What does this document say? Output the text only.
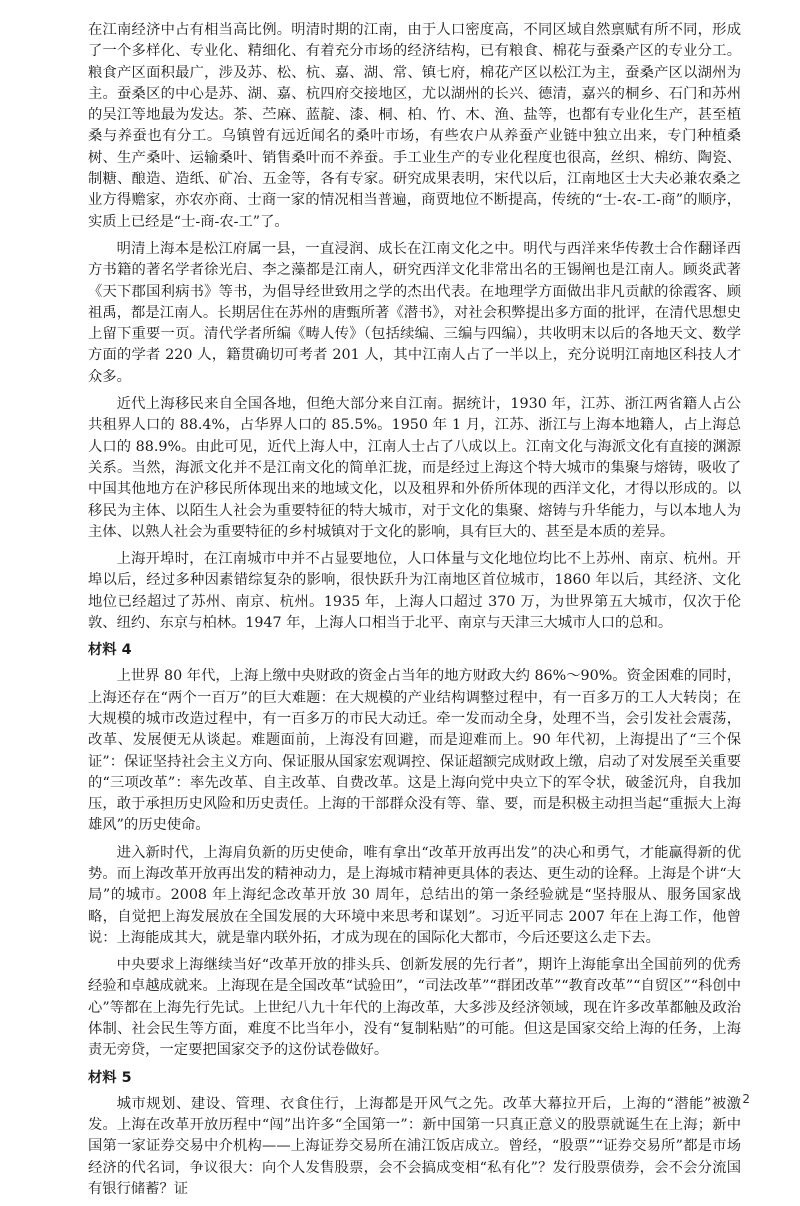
在江南经济中占有相当高比例。明清时期的江南，由于人口密度高，不同区域自然禀赋有所不同，形成了一个多样化、专业化、精细化、有着充分市场的经济结构，已有粮食、棉花与蚕桑产区的专业分工。粮食产区面积最广，涉及苏、松、杭、嘉、湖、常、镇七府，棉花产区以松江为主，蚕桑产区以湖州为主。蚕桑区的中心是苏、湖、嘉、杭四府交接地区，尤以湖州的长兴、德清，嘉兴的桐乡、石门和苏州的吴江等地最为发达。茶、苎麻、蓝靛、漆、桐、柏、竹、木、渔、盐等，也都有专业化生产，甚至植桑与养蚕也有分工。乌镇曾有远近闻名的桑叶市场，有些农户从养蚕产业链中独立出来，专门种植桑树、生产桑叶、运输桑叶、销售桑叶而不养蚕。手工业生产的专业化程度也很高，丝织、棉纺、陶瓷、制糖、酿造、造纸、矿冶、五金等，各有专家。研究成果表明，宋代以后，江南地区士大夫必兼农桑之业方得赡家，亦农亦商、士商一家的情况相当普遍，商贾地位不断提高，传统的“士-农-工-商”的顺序，实质上已经是“士-商-农-工”了。

明清上海本是松江府属一县，一直浸润、成长在江南文化之中。明代与西洋来华传教士合作翻译西方书籍的著名学者徐光启、李之藻都是江南人，研究西洋文化非常出名的王锡阐也是江南人。顾炎武著《天下郡国利病书》等书，为倡导经世致用之学的杰出代表。在地理学方面做出非凡贡献的徐霞客、顾祖禹，都是江南人。长期居住在苏州的唐甄所著《潜书》，对社会积弊提出多方面的批评，在清代思想史上留下重要一页。清代学者所编《畴人传》（包括续编、三编与四编），共收明末以后的各地天文、数学方面的学者 220 人，籍贯确切可考者 201 人，其中江南人占了一半以上，充分说明江南地区科技人才众多。

近代上海移民来自全国各地，但绝大部分来自江南。据统计，1930 年，江苏、浙江两省籍人占公共租界人口的 88.4%，占华界人口的 85.5%。1950 年 1 月，江苏、浙江与上海本地籍人，占上海总人口的 88.9%。由此可见，近代上海人中，江南人士占了八成以上。江南文化与海派文化有直接的渊源关系。当然，海派文化并不是江南文化的简单汇拢，而是经过上海这个特大城市的集聚与熔铸，吸收了中国其他地方在沪移民所体现出来的地域文化，以及租界和外侨所体现的西洋文化，才得以形成的。以移民为主体、以陌生人社会为重要特征的特大城市，对于文化的集聚、熔铸与升华能力，与以本地人为主体、以熟人社会为重要特征的乡村城镇对于文化的影响，具有巨大的、甚至是本质的差异。

上海开埠时，在江南城市中并不占显要地位，人口体量与文化地位均比不上苏州、南京、杭州。开埠以后，经过多种因素错综复杂的影响，很快跃升为江南地区首位城市，1860 年以后，其经济、文化地位已经超过了苏州、南京、杭州。1935 年，上海人口超过 370 万，为世界第五大城市，仅次于伦敦、纽约、东京与柏林。1947 年，上海人口相当于北平、南京与天津三大城市人口的总和。

材料 4

上世界 80 年代，上海上缴中央财政的资金占当年的地方财政大约 86%～90%。资金困难的同时，上海还存在“两个一百万”的巨大难题：在大规模的产业结构调整过程中，有一百多万的工人大转岗；在大规模的城市改造过程中，有一百多万的市民大动迁。牵一发而动全身，处理不当，会引发社会震荡，改革、发展便无从谈起。难题面前，上海没有回避，而是迎难而上。90 年代初，上海提出了“三个保证”：保证坚持社会主义方向、保证服从国家宏观调控、保证超额完成财政上缴，启动了对发展至关重要的“三项改革”：率先改革、自主改革、自费改革。这是上海向党中央立下的军令状，破釜沉舟，自我加压，敢于承担历史风险和历史责任。上海的干部群众没有等、靠、要，而是积极主动担当起“重振大上海雄风”的历史使命。

进入新时代，上海肩负新的历史使命，唯有拿出“改革开放再出发”的决心和勇气，才能赢得新的优势。而上海改革开放再出发的精神动力，是上海城市精神更具体的表达、更生动的诠释。上海是个讲“大局”的城市。2008 年上海纪念改革开放 30 周年，总结出的第一条经验就是“坚持服从、服务国家战略，自觉把上海发展放在全国发展的大环境中来思考和谋划”。习近平同志 2007 年在上海工作，他曾说：上海能成其大，就是靠内联外拓，才成为现在的国际化大都市，今后还要这么走下去。

中央要求上海继续当好“改革开放的排头兵、创新发展的先行者”，期许上海能拿出全国前列的优秀经验和卓越成就来。上海现在是全国改革“试验田”，“司法改革”“群团改革”“教育改革”“自贸区”“科创中心”等都在上海先行先试。上世纪八九十年代的上海改革，大多涉及经济领域，现在许多改革都触及政治体制、社会民生等方面，难度不比当年小，没有“复制粘贴”的可能。但这是国家交给上海的任务，上海责无旁贷，一定要把国家交予的这份试卷做好。

材料 5

城市规划、建设、管理、衣食住行，上海都是开风气之先。改革大幕拉开后，上海的“潜能”被激发。上海在改革开放历程中“闯”出许多“全国第一”：新中国第一只真正意义的股票就诞生在上海；新中国第一家证券交易中介机构——上海证券交易所在浦江饭店成立。曾经，“股票”“证券交易所”都是市场经济的代名词，争议很大：向个人发售股票，会不会搞成变相“私有化”？发行股票债券，会不会分流国有银行储蓄？证

2
